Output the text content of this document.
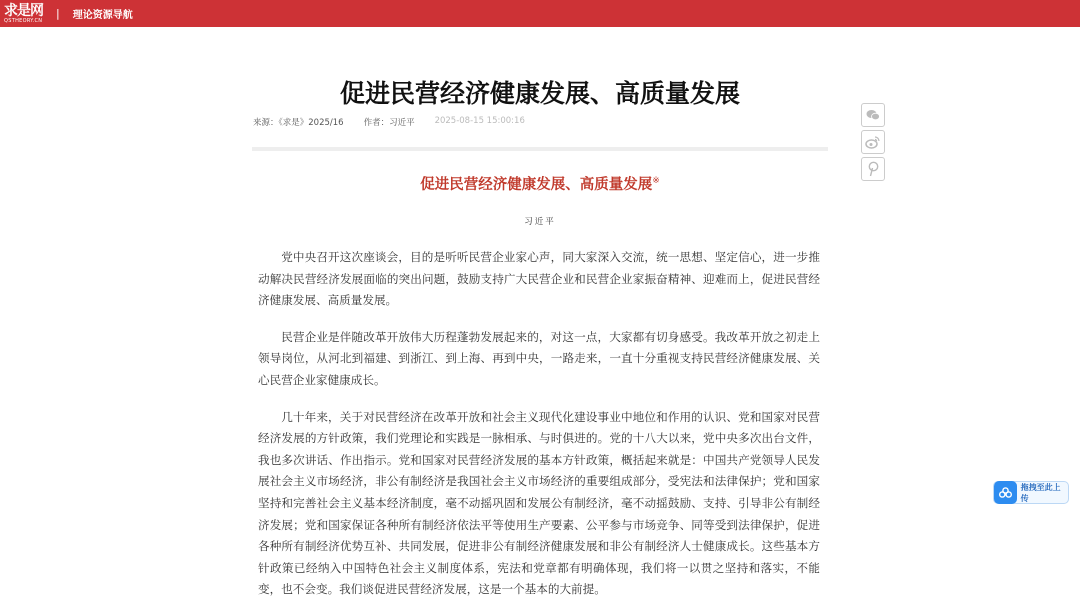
求是网
QSTHEORY.CN
| 理论资源导航
促进民营经济健康发展、高质量发展
来源：《求是》2025/16 作者：习近平 2025-08-15 15:00:16
促进民营经济健康发展、高质量发展※
习近平

党中央召开这次座谈会，目的是听听民营企业家心声，同大家深入交流，统一思想、坚定信心，进一步推动解决民营经济发展面临的突出问题，鼓励支持广大民营企业和民营企业家振奋精神、迎难而上，促进民营经济健康发展、高质量发展。

民营企业是伴随改革开放伟大历程蓬勃发展起来的，对这一点，大家都有切身感受。我改革开放之初走上领导岗位，从河北到福建、到浙江、到上海、再到中央，一路走来，一直十分重视支持民营经济健康发展、关心民营企业家健康成长。

几十年来，关于对民营经济在改革开放和社会主义现代化建设事业中地位和作用的认识、党和国家对民营经济发展的方针政策，我们党理论和实践是一脉相承、与时俱进的。党的十八大以来，党中央多次出台文件，我也多次讲话、作出指示。党和国家对民营经济发展的基本方针政策，概括起来就是：中国共产党领导人民发展社会主义市场经济，非公有制经济是我国社会主义市场经济的重要组成部分，受宪法和法律保护；党和国家坚持和完善社会主义基本经济制度，毫不动摇巩固和发展公有制经济，毫不动摇鼓励、支持、引导非公有制经济发展；党和国家保证各种所有制经济依法平等使用生产要素、公平参与市场竞争、同等受到法律保护，促进各种所有制经济优势互补、共同发展，促进非公有制经济健康发展和非公有制经济人士健康成长。这些基本方针政策已经纳入中国特色社会主义制度体系，宪法和党章都有明确体现，我们将一以贯之坚持和落实，不能变，也不会变。我们谈促进民营经济发展，这是一个基本的大前提。

拖拽至此上传
